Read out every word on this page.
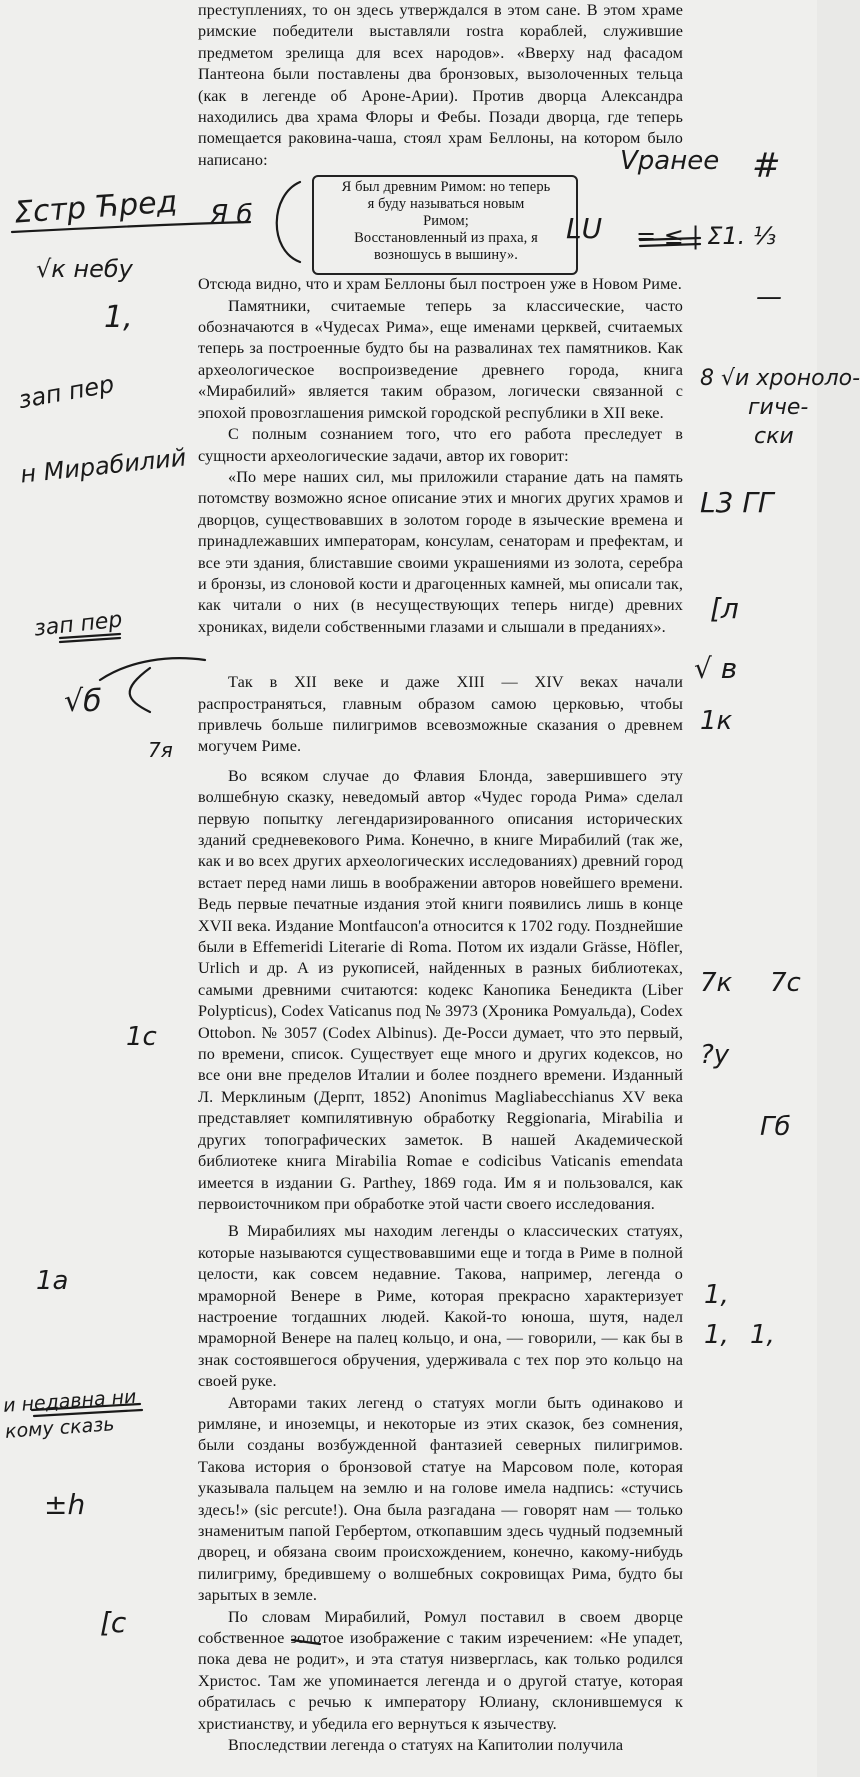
преступлениях, то он здесь утверждался в этом сане. В этом храме римские победители выставляли rostra кораблей, служившие предметом зрелища для всех народов». «Вверху над фасадом Пантеона были поставлены два бронзовых, вызолоченных тельца (как в легенде об Ароне-Арии). Против дворца Александра находились два храма Флоры и Фебы. Позади дворца, где теперь помещается раковина-чаша, стоял храм Беллоны, на котором было написано:

Я был древним Римом: но теперь
я буду называться новым
Римом;
Восстановленный из праха, я
возношусь в вышину».

Отсюда видно, что и храм Беллоны был построен уже в Новом Риме.

Памятники, считаемые теперь за классические, часто обозначаются в «Чудесах Рима», еще именами церквей, считаемых теперь за построенные будто бы на развалинах тех памятников. Как археологическое воспроизведение древнего города, книга «Мирабилий» является таким образом, логически связанной с эпохой провозглашения римской городской республики в XII веке.

С полным сознанием того, что его работа преследует в сущности археологические задачи, автор их говорит:

«По мере наших сил, мы приложили старание дать на память потомству возможно ясное описание этих и многих других храмов и дворцов, существовавших в золотом городе в языческие времена и принадлежавших императорам, консулам, сенаторам и префектам, и все эти здания, блиставшие своими украшениями из золота, серебра и бронзы, из слоновой кости и драгоценных камней, мы описали так, как читали о них (в несуществующих теперь нигде) древних хрониках, видели собственными глазами и слышали в преданиях».

Так в XII веке и даже XIII — XIV веках начали распространяться, главным образом самою церковью, чтобы привлечь больше пилигримов всевозможные сказания о древнем могучем Риме.

Во всяком случае до Флавия Блонда, завершившего эту волшебную сказку, неведомый автор «Чудес города Рима» сделал первую попытку легендаризированного описания исторических зданий средневекового Рима. Конечно, в книге Мирабилий (так же, как и во всех других археологических исследованиях) древний город встает перед нами лишь в воображении авторов новейшего времени. Ведь первые печатные издания этой книги появились лишь в конце XVII века. Издание Montfaucon'a относится к 1702 году. Позднейшие были в Effemeridi Literarie di Roma. Потом их издали Grässe, Höfler, Urlich и др. А из рукописей, найденных в разных библиотеках, самыми древними считаются: кодекс Канопика Бенедикта (Liber Polypticus), Codex Vaticanus под № 3973 (Хроника Ромуальда), Codex Ottobon. № 3057 (Codex Albinus). Де-Росси думает, что это первый, по времени, список. Существует еще много и других кодексов, но все они вне пределов Италии и более позднего времени. Изданный Л. Мерклиным (Дерпт, 1852) Anonimus Magliabecchianus XV века представляет компилятивную обработку Reggionaria, Mirabilia и других топографических заметок. В нашей Академической библиотеке книга Mirabilia Romae e codicibus Vaticanis emendata имеется в издании G. Parthey, 1869 года. Им я и пользовался, как первоисточником при обработке этой части своего исследования.

В Мирабилиях мы находим легенды о классических статуях, которые называются существовавшими еще и тогда в Риме в полной целости, как совсем недавние. Такова, например, легенда о мраморной Венере в Риме, которая прекрасно характеризует настроение тогдашних людей. Какой-то юноша, шутя, надел мраморной Венере на палец кольцо, и она, — говорили, — как бы в знак состоявшегося обручения, удерживала с тех пор это кольцо на своей руке.

Авторами таких легенд о статуях могли быть одинаково и римляне, и иноземцы, и некоторые из этих сказок, без сомнения, были созданы возбужденной фантазией северных пилигримов. Такова история о бронзовой статуе на Марсовом поле, которая указывала пальцем на землю и на голове имела надпись: «стучись здесь!» (sic percute!). Она была разгадана — говорят нам — только знаменитым папой Гербертом, откопавшим здесь чудный подземный дворец, и обязана своим происхождением, конечно, какому-нибудь пилигриму, бредившему о волшебных сокровищах Рима, будто бы зарытых в земле.

По словам Мирабилий, Ромул поставил в своем дворце собственное золотое изображение с таким изречением: «Не упадет, пока дева не родит», и эта статуя низверглась, как только родился Христос. Там же упоминается легенда и о другой статуе, которая обратилась с речью к императору Юлиану, склонившемуся к христианству, и убедила его вернуться к язычеству.

Впоследствии легенда о статуях на Капитолии получила

Vранее #
Σстр Ћред Я б	LU = ≤ | Σ1. ⅓
√к небу
1,
—
зап пер	8 √и хроноло-
гиче-
ски
н Мирабилий
L3 ГГ
зап пер	[л
√ в
√б
7я
1к
7к 7c
1c
?у
Γб
1а	1,
1, 1,
и недавна ни кому сказь
±h
[с
